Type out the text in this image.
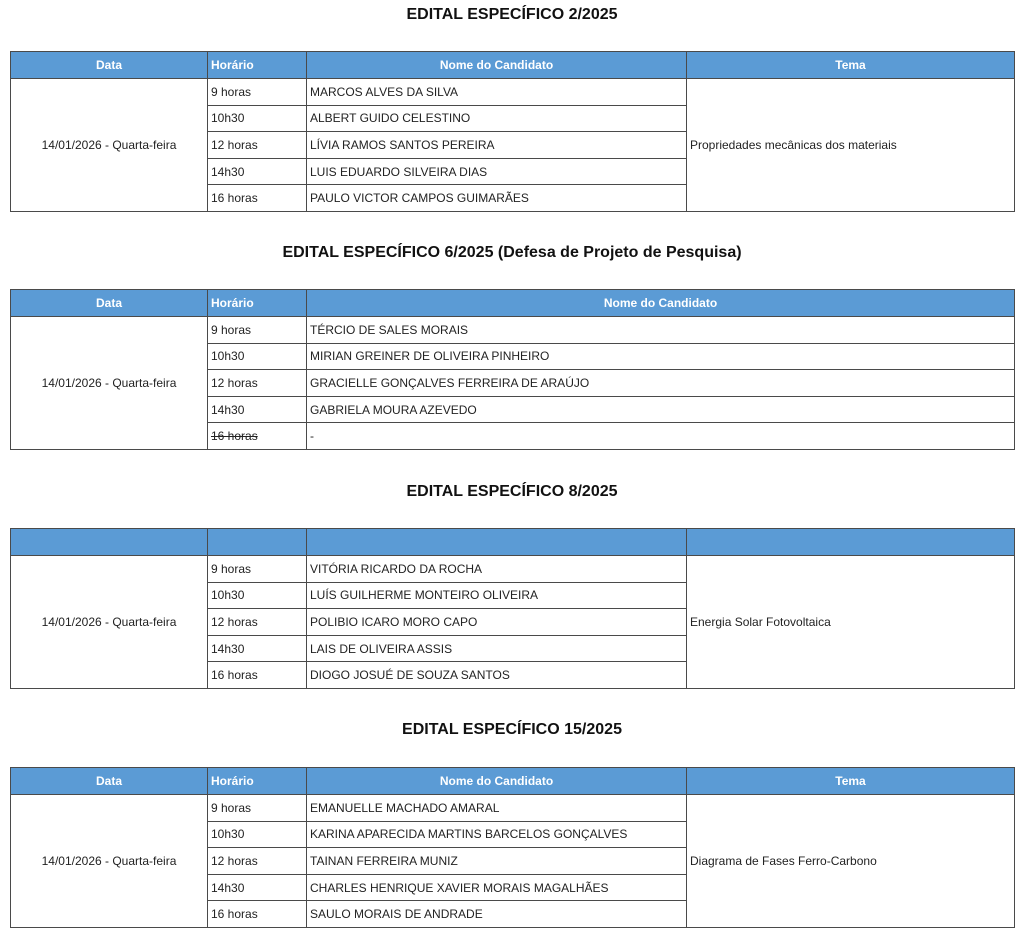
EDITAL ESPECÍFICO 2/2025
Data	Horário	Nome do Candidato	Tema
14/01/2026 - Quarta-feira	9 horas	MARCOS ALVES DA SILVA	Propriedades mecânicas dos materiais
	10h30	ALBERT GUIDO CELESTINO	
	12 horas	LÍVIA RAMOS SANTOS PEREIRA	
	14h30	LUIS EDUARDO SILVEIRA DIAS	
	16 horas	PAULO VICTOR CAMPOS GUIMARÃES	
EDITAL ESPECÍFICO 6/2025 (Defesa de Projeto de Pesquisa)
Data	Horário	Nome do Candidato
14/01/2026 - Quarta-feira	9 horas	TÉRCIO DE SALES MORAIS
	10h30	MIRIAN GREINER DE OLIVEIRA PINHEIRO
	12 horas	GRACIELLE GONÇALVES FERREIRA DE ARAÚJO
	14h30	GABRIELA MOURA AZEVEDO
	16 horas	-
EDITAL ESPECÍFICO 8/2025

14/01/2026 - Quarta-feira	9 horas	VITÓRIA RICARDO DA ROCHA	Energia Solar Fotovoltaica
	10h30	LUÍS GUILHERME MONTEIRO OLIVEIRA	
	12 horas	POLIBIO ICARO MORO CAPO	
	14h30	LAIS DE OLIVEIRA ASSIS	
	16 horas	DIOGO JOSUÉ DE SOUZA SANTOS	
EDITAL ESPECÍFICO 15/2025
Data	Horário	Nome do Candidato	Tema
14/01/2026 - Quarta-feira	9 horas	EMANUELLE MACHADO AMARAL	Diagrama de Fases Ferro-Carbono
	10h30	KARINA APARECIDA MARTINS BARCELOS GONÇALVES	
	12 horas	TAINAN FERREIRA MUNIZ	
	14h30	CHARLES HENRIQUE XAVIER MORAIS MAGALHÃES	
	16 horas	SAULO MORAIS DE ANDRADE	
